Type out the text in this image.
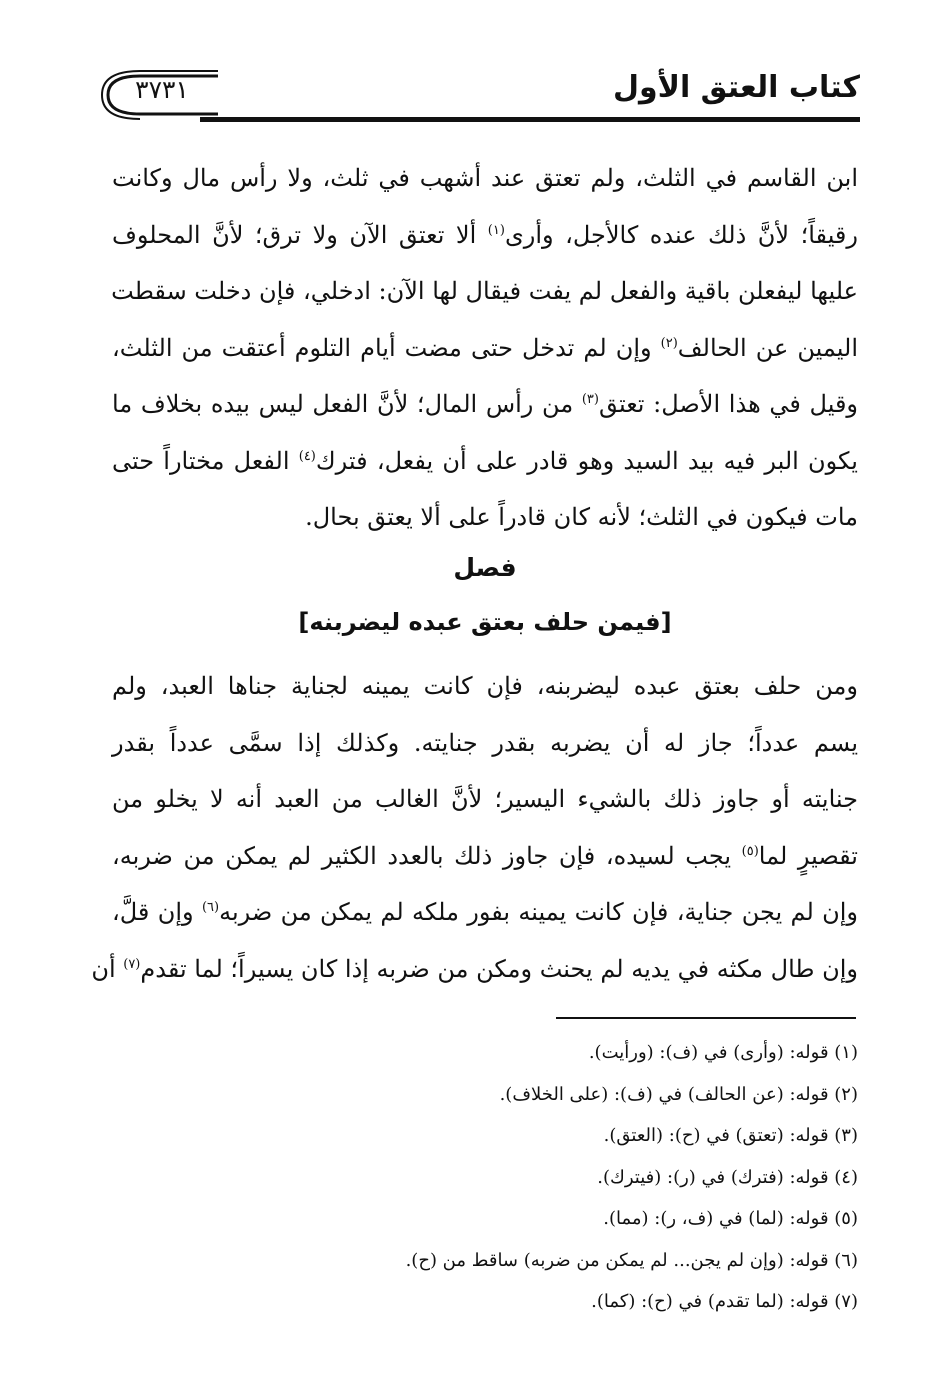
٣٧٣١	كتاب العتق الأول
ابن القاسم في الثلث، ولم تعتق عند أشهب في ثلث، ولا رأس مال وكانت
رقيقاً؛ لأنَّ ذلك عنده كالأجل، وأرى$^{(١)}$ ألا تعتق الآن ولا ترق؛ لأنَّ المحلوف
عليها ليفعلن باقية والفعل لم يفت فيقال لها الآن: ادخلي، فإن دخلت سقطت
اليمين عن الحالف$^{(٢)}$ وإن لم تدخل حتى مضت أيام التلوم أعتقت من الثلث،
وقيل في هذا الأصل: تعتق$^{(٣)}$ من رأس المال؛ لأنَّ الفعل ليس بيده بخلاف ما
يكون البر فيه بيد السيد وهو قادر على أن يفعل، فترك$^{(٤)}$ الفعل مختاراً حتى
مات فيكون في الثلث؛ لأنه كان قادراً على ألا يعتق بحال.
فصل
[فيمن حلف بعتق عبده ليضربنه]
ومن حلف بعتق عبده ليضربنه، فإن كانت يمينه لجناية جناها العبد، ولم
يسم عدداً؛ جاز له أن يضربه بقدر جنايته. وكذلك إذا سمَّى عدداً بقدر
جنايته أو جاوز ذلك بالشيء اليسير؛ لأنَّ الغالب من العبد أنه لا يخلو من
تقصيرٍ لما$^{(٥)}$ يجب لسيده، فإن جاوز ذلك بالعدد الكثير لم يمكن من ضربه،
وإن لم يجن جناية، فإن كانت يمينه بفور ملكه لم يمكن من ضربه$^{(٦)}$ وإن قلَّ،
وإن طال مكثه في يديه لم يحنث ومكن من ضربه إذا كان يسيراً؛ لما تقدم$^{(٧)}$ أن
(١) قوله: (وأرى) في (ف): (ورأيت).
(٢) قوله: (عن الحالف) في (ف): (على الخلاف).
(٣) قوله: (تعتق) في (ح): (العتق).
(٤) قوله: (فترك) في (ر): (فيترك).
(٥) قوله: (لما) في (ف، ر): (مما).
(٦) قوله: (وإن لم يجن... لم يمكن من ضربه) ساقط من (ح).
(٧) قوله: (لما تقدم) في (ح): (كما).
